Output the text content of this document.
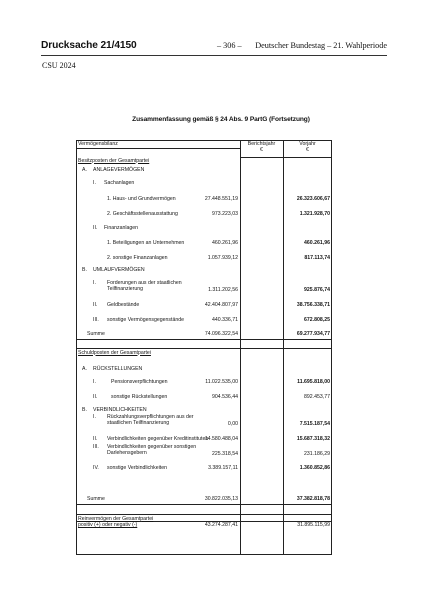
Drucksache 21/4150	– 306 – Deutscher Bundestag – 21. Wahlperiode
CSU 2024
Zusammenfassung gemäß § 24 Abs. 9 PartG (Fortsetzung)
Vermögensbilanz	Berichtsjahr
€
Vorjahr
€
Besitzposten der Gesamtpartei
A. ANLAGEVERMÖGEN
I. Sachanlagen
1. Haus- und Grundvermögen	27.448.551,19	26.323.606,67
2. Geschäftsstellenausstattung	973.223,03	1.321.928,70
II. Finanzanlagen
1. Beteiligungen an Unternehmen	460.261,96	460.261,96
2. sonstige Finanzanlagen	1.057.939,12	817.113,74
B. UMLAUFVERMÖGEN
I. Forderungen aus der staatlichen
Teilfinanzierung	1.311.202,56	925.876,74
II. Geldbestände	42.404.807,97	38.756.338,71
III. sonstige Vermögensgegenstände	440.336,71	672.808,25
Summe	74.096.322,54	69.277.934,77
Schuldposten der Gesamtpartei
A. RÜCKSTELLUNGEN
I.	Pensionsverpflichtungen	11.022.535,00	11.695.818,00
II.	sonstige Rückstellungen	904.536,44	892.453,77
B. VERBINDLICHKEITEN
I. Rückzahlungsverpflichtungen aus der
staatlichen Teilfinanzierung	0,00	7.515.187,54
II. Verbindlichkeiten gegenüber Kreditinstituten
14.580.488,04	15.687.318,32
III. Verbindlichkeiten gegenüber sonstigen
Darlehensgebern	225.318,54	231.186,29
IV. sonstige Verbindlichkeiten	3.389.157,11	1.360.852,86
Summe	30.822.035,13	37.382.818,78
Reinvermögen der Gesamtpartei
positiv (+) oder negativ (-)	43.274.287,41	31.895.115,99
